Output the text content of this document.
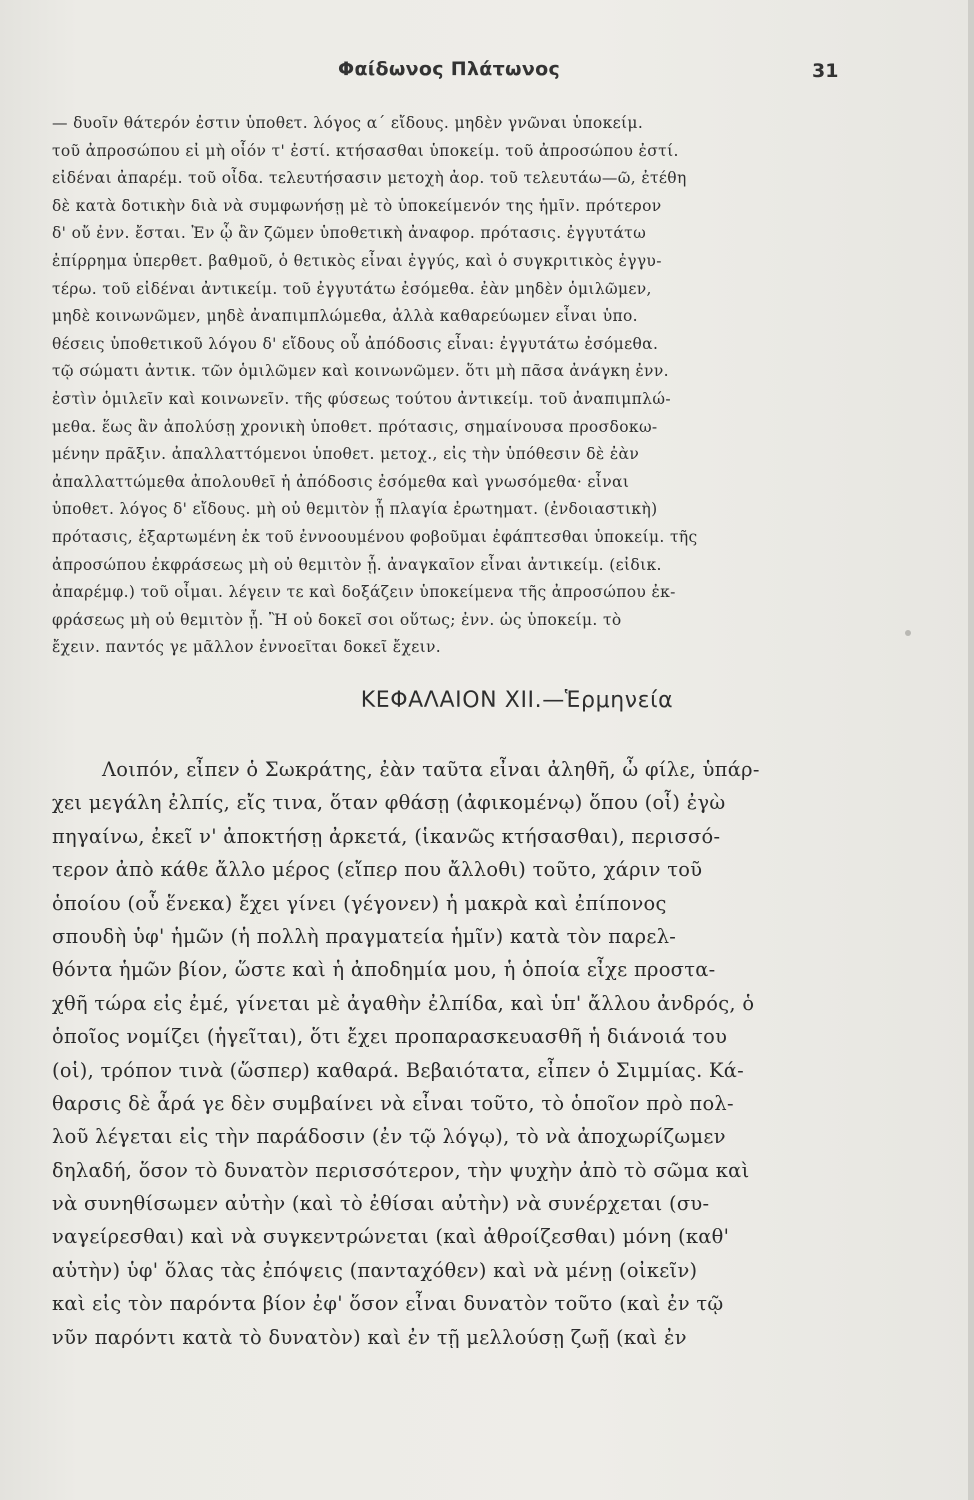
Φαίδωνος Πλάτωνος	31
— δυοῖν θάτερόν ἐστιν ὑποθετ. λόγος α΄ εἴδους. μηδὲν γνῶναι ὑποκείμ.
τοῦ ἀπροσώπου εἰ μὴ οἷόν τ' ἐστί. κτήσασθαι ὑποκείμ. τοῦ ἀπροσώπου ἐστί.
εἰδέναι ἀπαρέμ. τοῦ οἶδα. τελευτήσασιν μετοχὴ ἀορ. τοῦ τελευτάω—ῶ, ἐτέθη
δὲ κατὰ δοτικὴν διὰ νὰ συμφωνήσῃ μὲ τὸ ὑποκείμενόν της ἡμῖν. πρότερον
δ' οὔ ἐνν. ἔσται. Ἐν ᾧ ἂν ζῶμεν ὑποθετικὴ ἀναφορ. πρότασις. ἐγγυτάτω
ἐπίρρημα ὑπερθετ. βαθμοῦ, ὁ θετικὸς εἶναι ἐγγύς, καὶ ὁ συγκριτικὸς ἐγγυ-
τέρω. τοῦ εἰδέναι ἀντικείμ. τοῦ ἐγγυτάτω ἐσόμεθα. ἐὰν μηδὲν ὁμιλῶμεν,
μηδὲ κοινωνῶμεν, μηδὲ ἀναπιμπλώμεθα, ἀλλὰ καθαρεύωμεν εἶναι ὑπο.
θέσεις ὑποθετικοῦ λόγου δ' εἴδους οὗ ἀπόδοσις εἶναι: ἐγγυτάτω ἐσόμεθα.
τῷ σώματι ἀντικ. τῶν ὁμιλῶμεν καὶ κοινωνῶμεν. ὅτι μὴ πᾶσα ἀνάγκη ἐνν.
ἐστὶν ὁμιλεῖν καὶ κοινωνεῖν. τῆς φύσεως τούτου ἀντικείμ. τοῦ ἀναπιμπλώ-
μεθα. ἕως ἂν ἀπολύσῃ χρονικὴ ὑποθετ. πρότασις, σημαίνουσα προσδοκω-
μένην πρᾶξιν. ἀπαλλαττόμενοι ὑποθετ. μετοχ., εἰς τὴν ὑπόθεσιν δὲ ἐὰν
ἀπαλλαττώμεθα ἀπολουθεῖ ἡ ἀπόδοσις ἐσόμεθα καὶ γνωσόμεθα· εἶναι
ὑποθετ. λόγος δ' εἴδους. μὴ οὐ θεμιτὸν ᾖ πλαγία ἐρωτηματ. (ἐνδοιαστικὴ)
πρότασις, ἐξαρτωμένη ἐκ τοῦ ἐννοουμένου φοβοῦμαι ἐφάπτεσθαι ὑποκείμ. τῆς
ἀπροσώπου ἐκφράσεως μὴ οὐ θεμιτὸν ᾖ. ἀναγκαῖον εἶναι ἀντικείμ. (εἰδικ.
ἀπαρέμφ.) τοῦ οἶμαι. λέγειν τε καὶ δοξάζειν ὑποκείμενα τῆς ἀπροσώπου ἐκ-
φράσεως μὴ οὐ θεμιτὸν ᾖ. Ἢ οὐ δοκεῖ σοι οὕτως; ἐνν. ὡς ὑποκείμ. τὸ
ἔχειν. παντός γε μᾶλλον ἐννοεῖται δοκεῖ ἔχειν.
ΚΕΦΑΛΑΙΟΝ XII.—Ἑρμηνεία
Λοιπόν, εἶπεν ὁ Σωκράτης, ἐὰν ταῦτα εἶναι ἀληθῆ, ὦ φίλε, ὑπάρ-
χει μεγάλη ἐλπίς, εἴς τινα, ὅταν φθάσῃ (ἀφικομένῳ) ὅπου (οἷ) ἐγὼ
πηγαίνω, ἐκεῖ ν' ἀποκτήσῃ ἀρκετά, (ἱκανῶς κτήσασθαι), περισσό-
τερον ἀπὸ κάθε ἄλλο μέρος (εἴπερ που ἄλλοθι) τοῦτο, χάριν τοῦ
ὁποίου (οὗ ἕνεκα) ἔχει γίνει (γέγονεν) ἡ μακρὰ καὶ ἐπίπονος
σπουδὴ ὑφ' ἡμῶν (ἡ πολλὴ πραγματεία ἡμῖν) κατὰ τὸν παρελ-
θόντα ἡμῶν βίον, ὥστε καὶ ἡ ἀποδημία μου, ἡ ὁποία εἶχε προστα-
χθῆ τώρα εἰς ἐμέ, γίνεται μὲ ἀγαθὴν ἐλπίδα, καὶ ὑπ' ἄλλου ἀνδρός, ὁ
ὁποῖος νομίζει (ἡγεῖται), ὅτι ἔχει προπαρασκευασθῆ ἡ διάνοιά του
(οἱ), τρόπον τινὰ (ὥσπερ) καθαρά. Βεβαιότατα, εἶπεν ὁ Σιμμίας. Κά-
θαρσις δὲ ἆρά γε δὲν συμβαίνει νὰ εἶναι τοῦτο, τὸ ὁποῖον πρὸ πολ-
λοῦ λέγεται εἰς τὴν παράδοσιν (ἐν τῷ λόγῳ), τὸ νὰ ἀποχωρίζωμεν
δηλαδή, ὅσον τὸ δυνατὸν περισσότερον, τὴν ψυχὴν ἀπὸ τὸ σῶμα καὶ
νὰ συνηθίσωμεν αὐτὴν (καὶ τὸ ἐθίσαι αὐτὴν) νὰ συνέρχεται (συ-
ναγείρεσθαι) καὶ νὰ συγκεντρώνεται (καὶ ἀθροίζεσθαι) μόνη (καθ'
αὑτὴν) ὑφ' ὅλας τὰς ἐπόψεις (πανταχόθεν) καὶ νὰ μένῃ (οἰκεῖν)
καὶ εἰς τὸν παρόντα βίον ἐφ' ὅσον εἶναι δυνατὸν τοῦτο (καὶ ἐν τῷ
νῦν παρόντι κατὰ τὸ δυνατὸν) καὶ ἐν τῇ μελλούσῃ ζωῇ (καὶ ἐν
